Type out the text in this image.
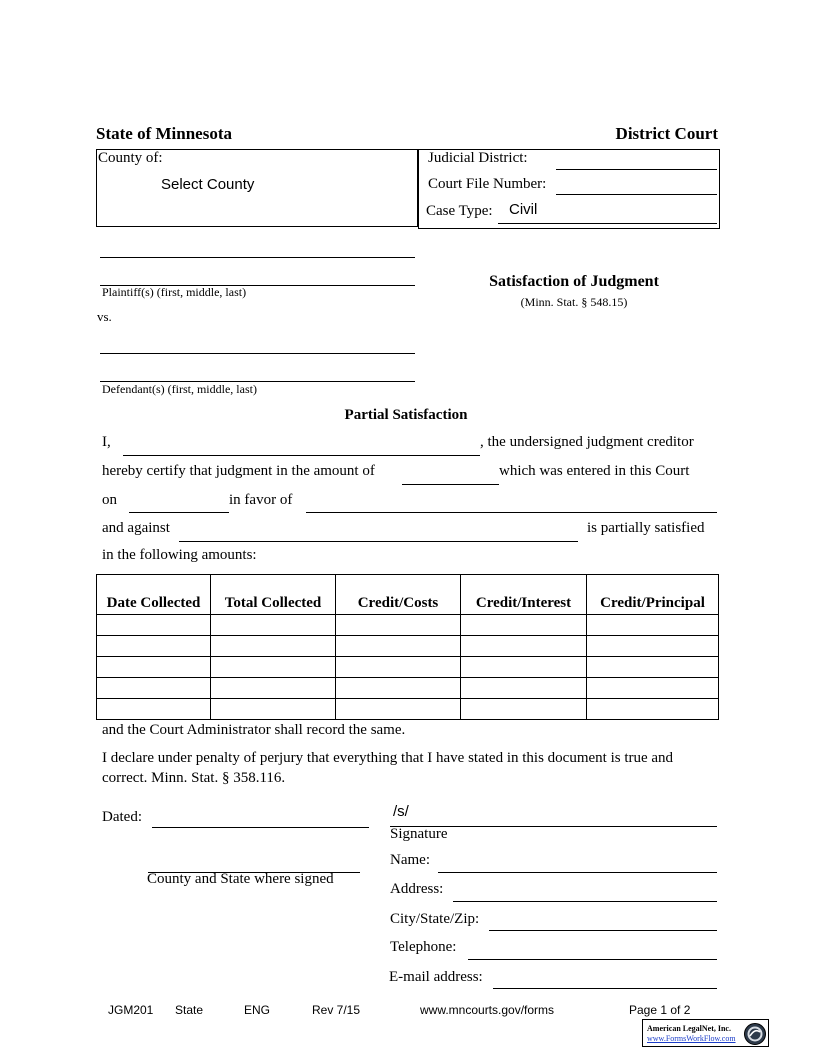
State of Minnesota	District Court
County of:
Select County
Judicial District:
Court File Number:
Case Type: Civil
Plaintiff(s) (first, middle, last)
vs.
Defendant(s) (first, middle, last)
Satisfaction of Judgment
(Minn. Stat. § 548.15)
Partial Satisfaction
I,	, the undersigned judgment creditor
hereby certify that judgment in the amount of	which was entered in this Court
on	in favor of
and against	is partially satisfied
in the following amounts:
Date Collected	Total Collected	Credit/Costs	Credit/Interest	Credit/Principal

and the Court Administrator shall record the same.
I declare under penalty of perjury that everything that I have stated in this document is true and
correct. Minn. Stat. § 358.116.
Dated:	/s/
Signature
County and State where signed
Name:
Address:
City/State/Zip:
Telephone:
E-mail address:
JGM201 State	ENG	Rev 7/15	www.mncourts.gov/forms	Page 1 of 2
American LegalNet, Inc.
www.FormsWorkFlow.com
